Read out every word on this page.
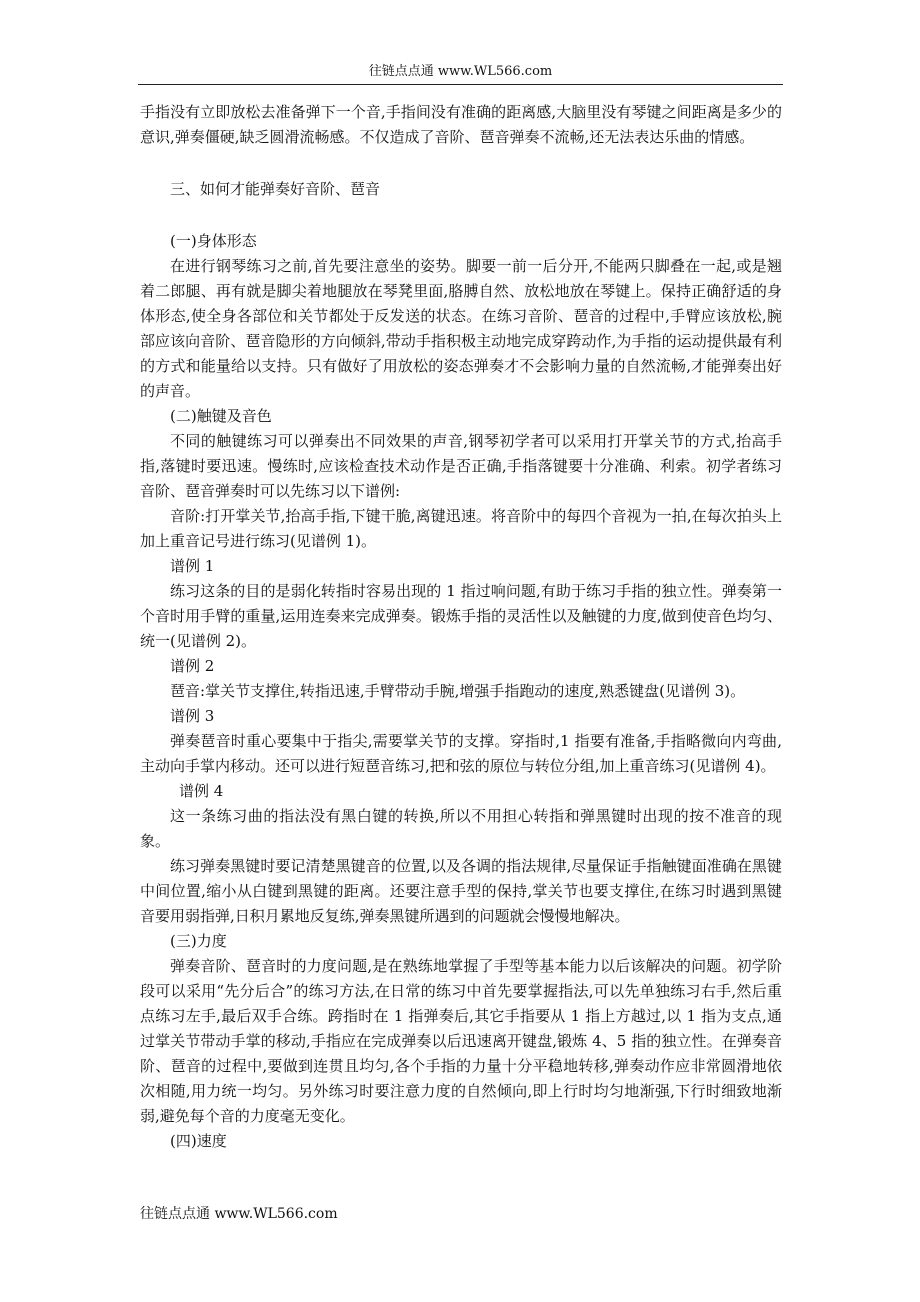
往链点点通 www.WL566.com

手指没有立即放松去准备弹下一个音,手指间没有准确的距离感,大脑里没有琴键之间距离是多少的意识,弹奏僵硬,缺乏圆滑流畅感。不仅造成了音阶、琶音弹奏不流畅,还无法表达乐曲的情感。

三、如何才能弹奏好音阶、琶音

(一)身体形态

在进行钢琴练习之前,首先要注意坐的姿势。脚要一前一后分开,不能两只脚叠在一起,或是翘着二郎腿、再有就是脚尖着地腿放在琴凳里面,胳膊自然、放松地放在琴键上。保持正确舒适的身体形态,使全身各部位和关节都处于反发送的状态。在练习音阶、琶音的过程中,手臂应该放松,腕部应该向音阶、琶音隐形的方向倾斜,带动手指积极主动地完成穿跨动作,为手指的运动提供最有利的方式和能量给以支持。只有做好了用放松的姿态弹奏才不会影响力量的自然流畅,才能弹奏出好的声音。

(二)触键及音色

不同的触键练习可以弹奏出不同效果的声音,钢琴初学者可以采用打开掌关节的方式,抬高手指,落键时要迅速。慢练时,应该检查技术动作是否正确,手指落键要十分准确、利索。初学者练习音阶、琶音弹奏时可以先练习以下谱例:

音阶:打开掌关节,抬高手指,下键干脆,离键迅速。将音阶中的每四个音视为一拍,在每次拍头上加上重音记号进行练习(见谱例 1)。

谱例 1

练习这条的目的是弱化转指时容易出现的 1 指过响问题,有助于练习手指的独立性。弹奏第一个音时用手臂的重量,运用连奏来完成弹奏。锻炼手指的灵活性以及触键的力度,做到使音色均匀、统一(见谱例 2)。

谱例 2

琶音:掌关节支撑住,转指迅速,手臂带动手腕,增强手指跑动的速度,熟悉键盘(见谱例 3)。

谱例 3

弹奏琶音时重心要集中于指尖,需要掌关节的支撑。穿指时,1 指要有准备,手指略微向内弯曲,主动向手掌内移动。还可以进行短琶音练习,把和弦的原位与转位分组,加上重音练习(见谱例 4)。

谱例 4

这一条练习曲的指法没有黑白键的转换,所以不用担心转指和弹黑键时出现的按不准音的现象。

练习弹奏黑键时要记清楚黑键音的位置,以及各调的指法规律,尽量保证手指触键面准确在黑键中间位置,缩小从白键到黑键的距离。还要注意手型的保持,掌关节也要支撑住,在练习时遇到黑键音要用弱指弹,日积月累地反复练,弹奏黑键所遇到的问题就会慢慢地解决。

(三)力度

弹奏音阶、琶音时的力度问题,是在熟练地掌握了手型等基本能力以后该解决的问题。初学阶段可以采用“先分后合”的练习方法,在日常的练习中首先要掌握指法,可以先单独练习右手,然后重点练习左手,最后双手合练。跨指时在 1 指弹奏后,其它手指要从 1 指上方越过,以 1 指为支点,通过掌关节带动手掌的移动,手指应在完成弹奏以后迅速离开键盘,锻炼 4、5 指的独立性。在弹奏音阶、琶音的过程中,要做到连贯且均匀,各个手指的力量十分平稳地转移,弹奏动作应非常圆滑地依次相随,用力统一均匀。另外练习时要注意力度的自然倾向,即上行时均匀地渐强,下行时细致地渐弱,避免每个音的力度毫无变化。

(四)速度

往链点点通 www.WL566.com
